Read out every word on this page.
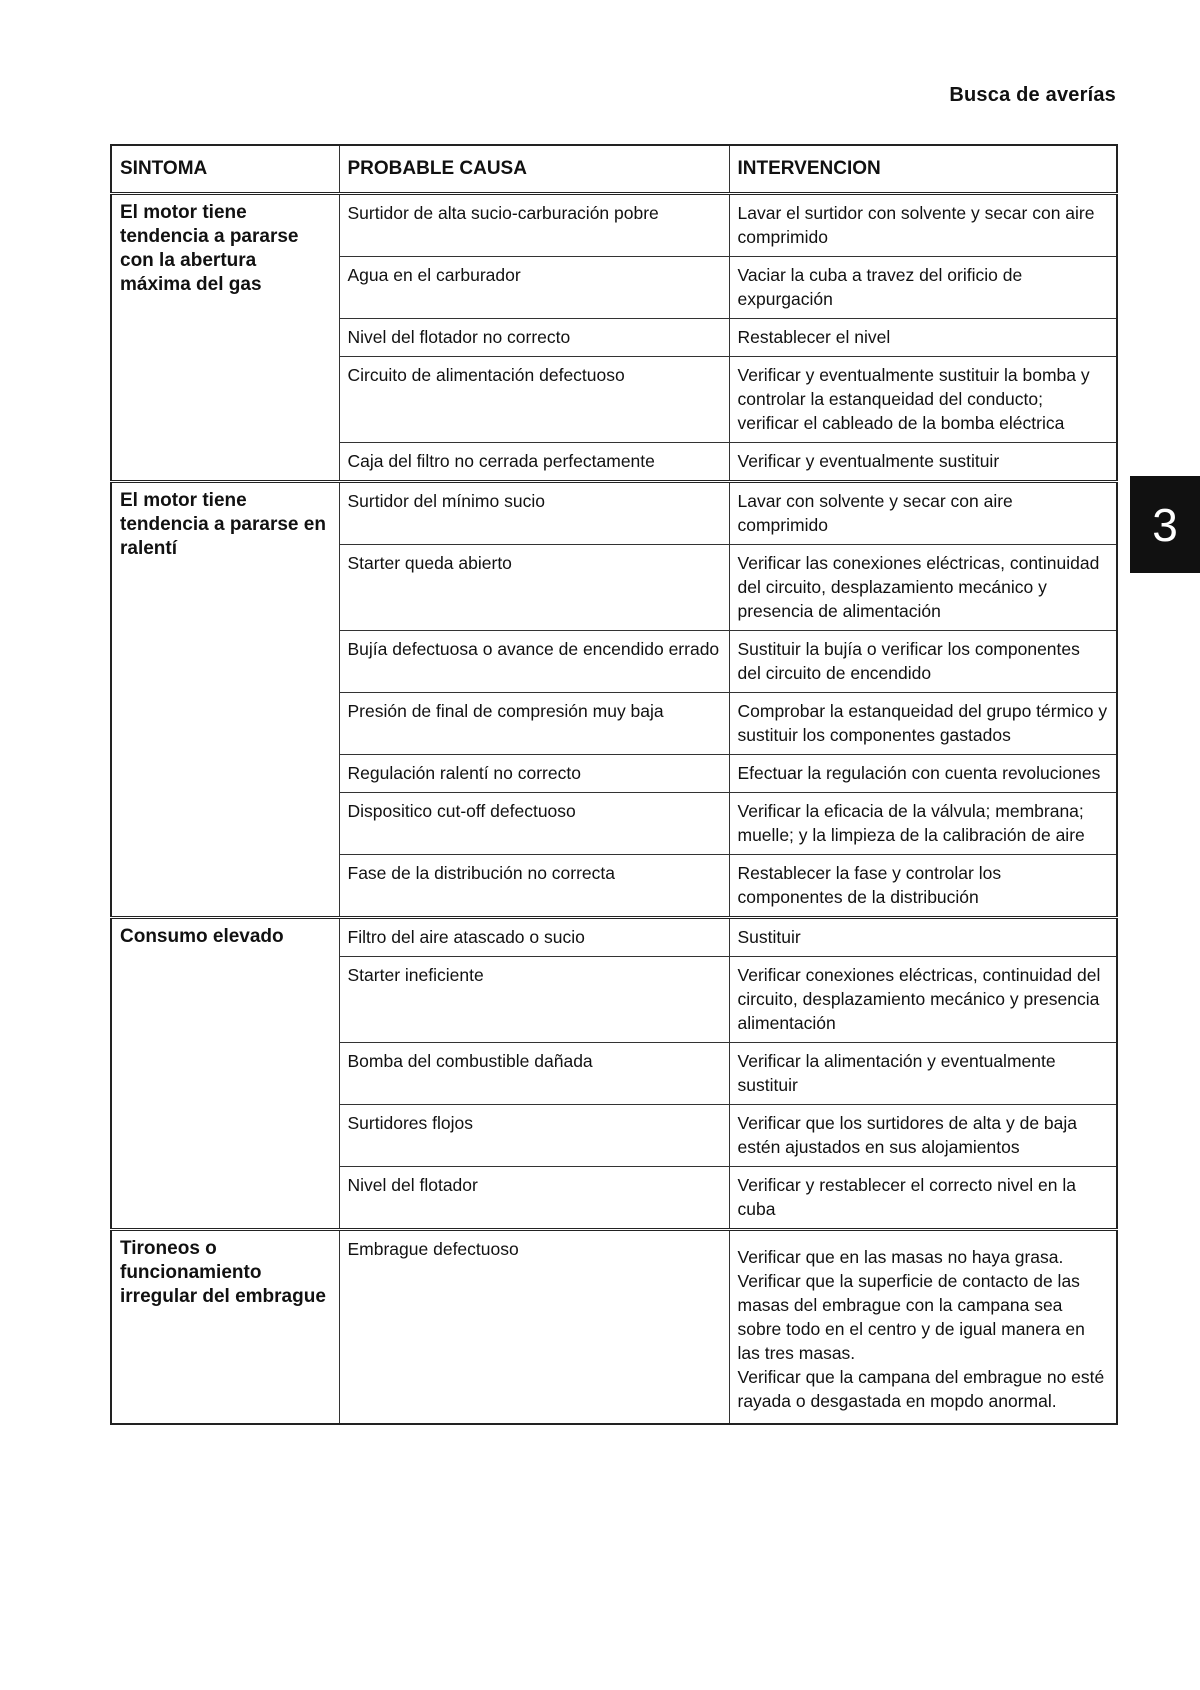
Busca de averías
3
SINTOMA	PROBABLE CAUSA	INTERVENCION
El motor tiene tendencia a pararse con la abertura máxima del gas	Surtidor de alta sucio-carburación pobre	Lavar el surtidor con solvente y secar con aire comprimido
	Agua en el carburador	Vaciar la cuba a travez del orificio de expurgación
	Nivel del flotador no correcto	Restablecer el nivel
	Circuito de alimentación defectuoso	Verificar y eventualmente sustituir la bomba y controlar la estanqueidad del conducto; verificar el cableado de la bomba eléctrica
	Caja del filtro no cerrada perfectamente	Verificar y eventualmente sustituir
El motor tiene tendencia a pararse en ralentí	Surtidor del mínimo sucio	Lavar con solvente y secar con aire comprimido
	Starter queda abierto	Verificar las conexiones eléctricas, continuidad del circuito, desplazamiento mecánico y presencia de alimentación
	Bujía defectuosa o avance de encendido errado	Sustituir la bujía o verificar los componentes del circuito de encendido
	Presión de final de compresión muy baja	Comprobar la estanqueidad del grupo térmico y sustituir los componentes gastados
	Regulación ralentí no correcto	Efectuar la regulación con cuenta revoluciones
	Dispositico cut-off defectuoso	Verificar la eficacia de la válvula; membrana; muelle; y la limpieza de la calibración de aire
	Fase de la distribución no correcta	Restablecer la fase y controlar los componentes de la distribución
Consumo elevado	Filtro del aire atascado o sucio	Sustituir
	Starter ineficiente	Verificar conexiones eléctricas, continuidad del circuito, desplazamiento mecánico y presencia alimentación
	Bomba del combustible dañada	Verificar la alimentación y eventualmente sustituir
	Surtidores flojos	Verificar que los surtidores de alta y de baja estén ajustados en sus alojamientos
	Nivel del flotador	Verificar y restablecer el correcto nivel en la cuba
Tironeos o funcionamiento irregular del embrague	Embrague defectuoso	Verificar que en las masas no haya grasa.
Verificar que la superficie de contacto de las masas del embrague con la campana sea sobre todo en el centro y de igual manera en las tres masas.
Verificar que la campana del embrague no esté rayada o desgastada en mopdo anormal.
